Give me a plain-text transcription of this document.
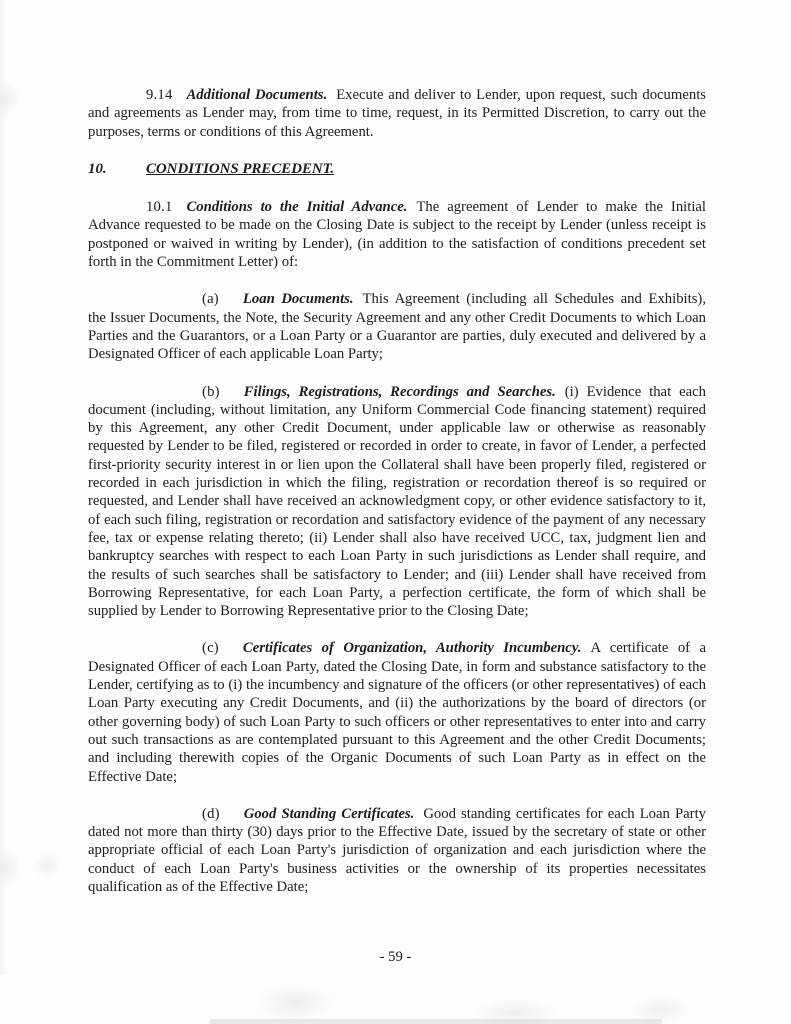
9.14 Additional Documents. Execute and deliver to Lender, upon request, such documents and agreements as Lender may, from time to time, request, in its Permitted Discretion, to carry out the purposes, terms or conditions of this Agreement.

10.	CONDITIONS PRECEDENT.

10.1 Conditions to the Initial Advance. The agreement of Lender to make the Initial Advance requested to be made on the Closing Date is subject to the receipt by Lender (unless receipt is postponed or waived in writing by Lender), (in addition to the satisfaction of conditions precedent set forth in the Commitment Letter) of:

(a) Loan Documents. This Agreement (including all Schedules and Exhibits), the Issuer Documents, the Note, the Security Agreement and any other Credit Documents to which Loan Parties and the Guarantors, or a Loan Party or a Guarantor are parties, duly executed and delivered by a Designated Officer of each applicable Loan Party;

(b) Filings, Registrations, Recordings and Searches. (i) Evidence that each document (including, without limitation, any Uniform Commercial Code financing statement) required by this Agreement, any other Credit Document, under applicable law or otherwise as reasonably requested by Lender to be filed, registered or recorded in order to create, in favor of Lender, a perfected first-priority security interest in or lien upon the Collateral shall have been properly filed, registered or recorded in each jurisdiction in which the filing, registration or recordation thereof is so required or requested, and Lender shall have received an acknowledgment copy, or other evidence satisfactory to it, of each such filing, registration or recordation and satisfactory evidence of the payment of any necessary fee, tax or expense relating thereto; (ii) Lender shall also have received UCC, tax, judgment lien and bankruptcy searches with respect to each Loan Party in such jurisdictions as Lender shall require, and the results of such searches shall be satisfactory to Lender; and (iii) Lender shall have received from Borrowing Representative, for each Loan Party, a perfection certificate, the form of which shall be supplied by Lender to Borrowing Representative prior to the Closing Date;

(c) Certificates of Organization, Authority Incumbency. A certificate of a Designated Officer of each Loan Party, dated the Closing Date, in form and substance satisfactory to the Lender, certifying as to (i) the incumbency and signature of the officers (or other representatives) of each Loan Party executing any Credit Documents, and (ii) the authorizations by the board of directors (or other governing body) of such Loan Party to such officers or other representatives to enter into and carry out such transactions as are contemplated pursuant to this Agreement and the other Credit Documents; and including therewith copies of the Organic Documents of such Loan Party as in effect on the Effective Date;

(d) Good Standing Certificates. Good standing certificates for each Loan Party dated not more than thirty (30) days prior to the Effective Date, issued by the secretary of state or other appropriate official of each Loan Party's jurisdiction of organization and each jurisdiction where the conduct of each Loan Party's business activities or the ownership of its properties necessitates qualification as of the Effective Date;

- 59 -
